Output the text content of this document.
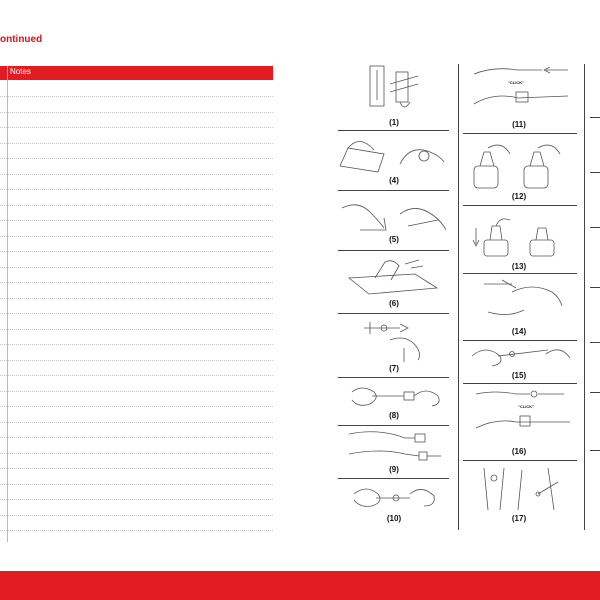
ontinued
Notes
(1)
(4)
(5)
(6)
(7)
(8)
(9)
(10)
"CLICK"
(11)
(12)
(13)
(14)
(15)
"CLICK"
(16)
(17)
